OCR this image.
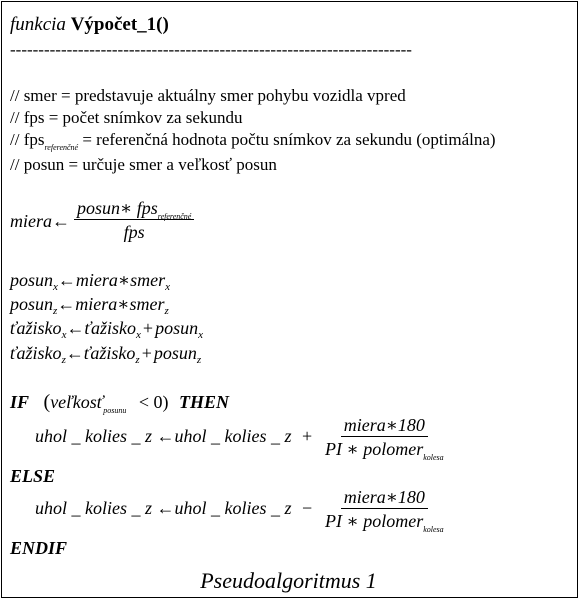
funkcia Výpočet_1()
-----------------------------------------------------------------------
// smer = predstavuje aktuálny smer pohybu vozidla vpred
// fps = počet snímkov za sekundu
// fps$_{referenčné}$ = referenčná hodnota počtu snímkov za sekundu (optimálna)
// posun = určuje smer a veľkosť posun
miera←
posun∗ fps$_{referenčné}$
fps
posun$_x$←miera∗smer$_x$
posun$_z$←miera∗smer$_z$
ťažisko$_x$←ťažisko$_x$ + posun$_x$
ťažisko$_z$←ťažisko$_z$ + posun$_z$
IF (veľkosť$_{posunu}$ < 0) THEN
uhol _ kolies _ z ←uhol _ kolies _ z +
miera∗180
PI ∗ polomer$_{kolesa}$
ELSE
uhol _ kolies _ z ←uhol _ kolies _ z −
miera∗180
PI ∗ polomer$_{kolesa}$
ENDIF
Pseudoalgoritmus 1
